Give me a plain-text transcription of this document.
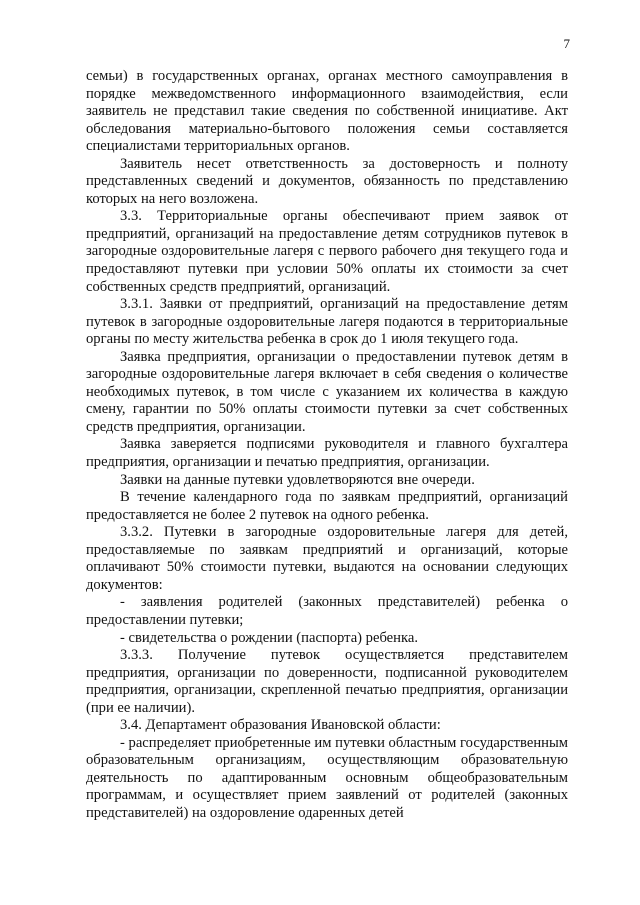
7

семьи) в государственных органах, органах местного самоуправления в порядке межведомственного информационного взаимодействия, если заявитель не представил такие сведения по собственной инициативе. Акт обследования материально-бытового положения семьи составляется специалистами территориальных органов.

Заявитель несет ответственность за достоверность и полноту представленных сведений и документов, обязанность по представлению которых на него возложена.

3.3. Территориальные органы обеспечивают прием заявок от предприятий, организаций на предоставление детям сотрудников путевок в загородные оздоровительные лагеря с первого рабочего дня текущего года и предоставляют путевки при условии 50% оплаты их стоимости за счет собственных средств предприятий, организаций.

3.3.1. Заявки от предприятий, организаций на предоставление детям путевок в загородные оздоровительные лагеря подаются в территориальные органы по месту жительства ребенка в срок до 1 июля текущего года.

Заявка предприятия, организации о предоставлении путевок детям в загородные оздоровительные лагеря включает в себя сведения о количестве необходимых путевок, в том числе с указанием их количества в каждую смену, гарантии по 50% оплаты стоимости путевки за счет собственных средств предприятия, организации.

Заявка заверяется подписями руководителя и главного бухгалтера предприятия, организации и печатью предприятия, организации.

Заявки на данные путевки удовлетворяются вне очереди.

В течение календарного года по заявкам предприятий, организаций предоставляется не более 2 путевок на одного ребенка.

3.3.2. Путевки в загородные оздоровительные лагеря для детей, предоставляемые по заявкам предприятий и организаций, которые оплачивают 50% стоимости путевки, выдаются на основании следующих документов:

- заявления родителей (законных представителей) ребенка о предоставлении путевки;

- свидетельства о рождении (паспорта) ребенка.

3.3.3. Получение путевок осуществляется представителем предприятия, организации по доверенности, подписанной руководителем предприятия, организации, скрепленной печатью предприятия, организации (при ее наличии).

3.4. Департамент образования Ивановской области:

- распределяет приобретенные им путевки областным государственным образовательным организациям, осуществляющим образовательную деятельность по адаптированным основным общеобразовательным программам, и осуществляет прием заявлений от родителей (законных представителей) на оздоровление одаренных детей
